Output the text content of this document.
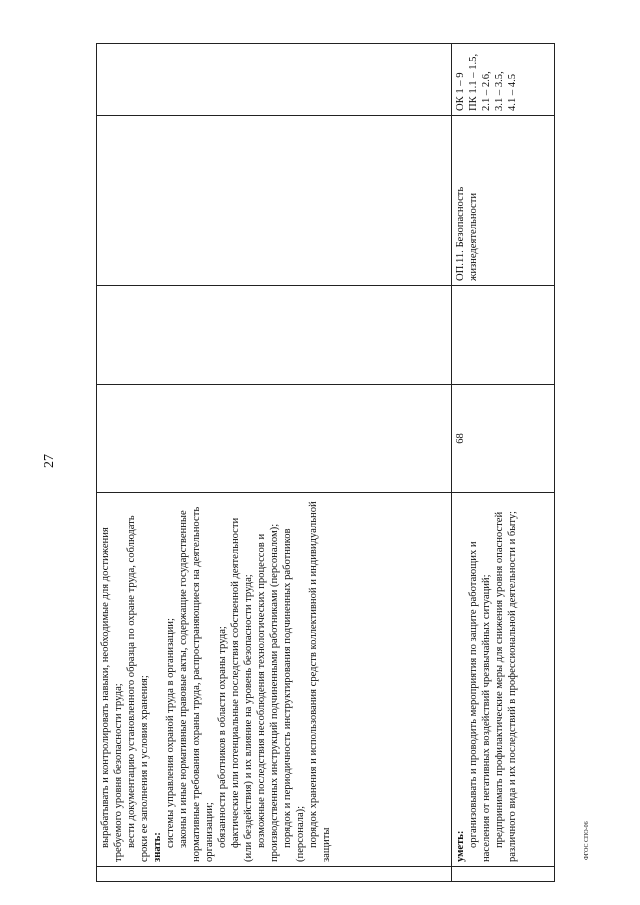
27

вырабатывать и контролировать навыки, необходимые для достижения требуемого уровня безопасности труда; вести документацию установленного образца по охране труда, соблюдать сроки ее заполнения и условия хранения; знать: системы управления охраной труда в организации; законы и иные нормативные правовые акты, содержащие государственные нормативные требования охраны труда, распространяющиеся на деятельность организации; обязанности работников в области охраны труда; фактические или потенциальные последствия собственной деятельности (или бездействия) и их влияние на уровень безопасности труда; возможные последствия несоблюдения технологических процессов и производственных инструкций подчиненными работниками (персоналом); порядок и периодичность инструктирования подчиненных работников (персонала); порядок хранения и использования средств коллективной и индивидуальной защиты	уметь: организовывать и проводить мероприятия по защите работающих и населения от негативных воздействий чрезвычайных ситуаций; предпринимать профилактические меры для снижения уровня опасностей различного вида и их последствий в профессиональной деятельности и быту;

68
ОП.11. Безопасность жизнедеятельности
ОК 1 – 9 ПК 1.1 – 1.5, 2.1 – 2.6, 3.1 – 3.5, 4.1 – 4.5
ФГОС СПО-06
